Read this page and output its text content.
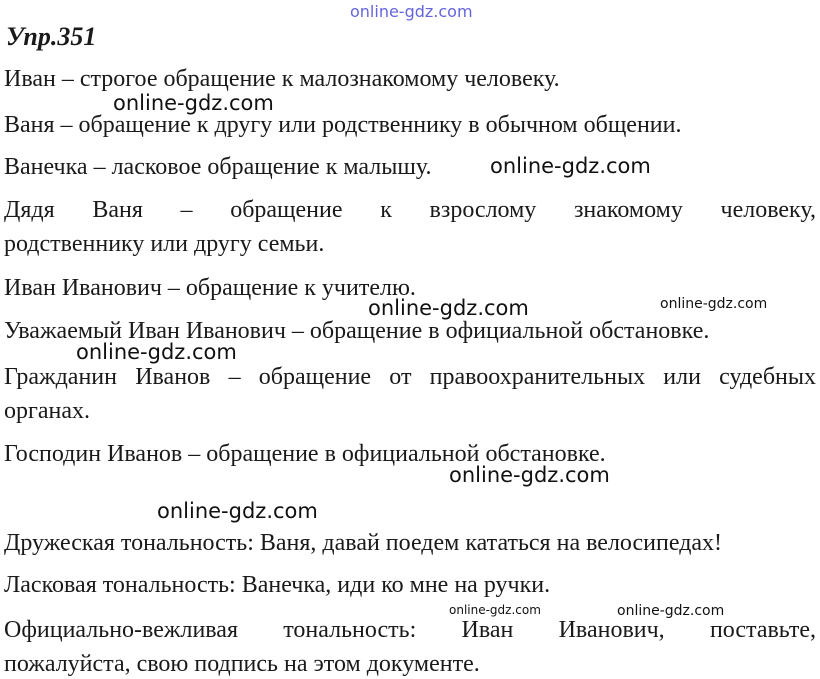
Упр.351

Иван – строгое обращение к малознакомому человеку.

Ваня – обращение к другу или родственнику в обычном общении.

Ванечка – ласковое обращение к малышу.

Дядя Ваня – обращение к взрослому знакомому человеку,

родственнику или другу семьи.

Иван Иванович – обращение к учителю.

Уважаемый Иван Иванович – обращение в официальной обстановке.

Гражданин Иванов – обращение от правоохранительных или судебных

органах.

Господин Иванов – обращение в официальной обстановке.

Дружеская тональность: Ваня, давай поедем кататься на велосипедах!

Ласковая тональность: Ванечка, иди ко мне на ручки.

Официально-вежливая тональность: Иван Иванович, поставьте,

пожалуйста, свою подпись на этом документе.

online-gdz.com
online-gdz.com
online-gdz.com
online-gdz.com	online-gdz.com
online-gdz.com
online-gdz.com
online-gdz.com
online-gdz.com	online-gdz.com
